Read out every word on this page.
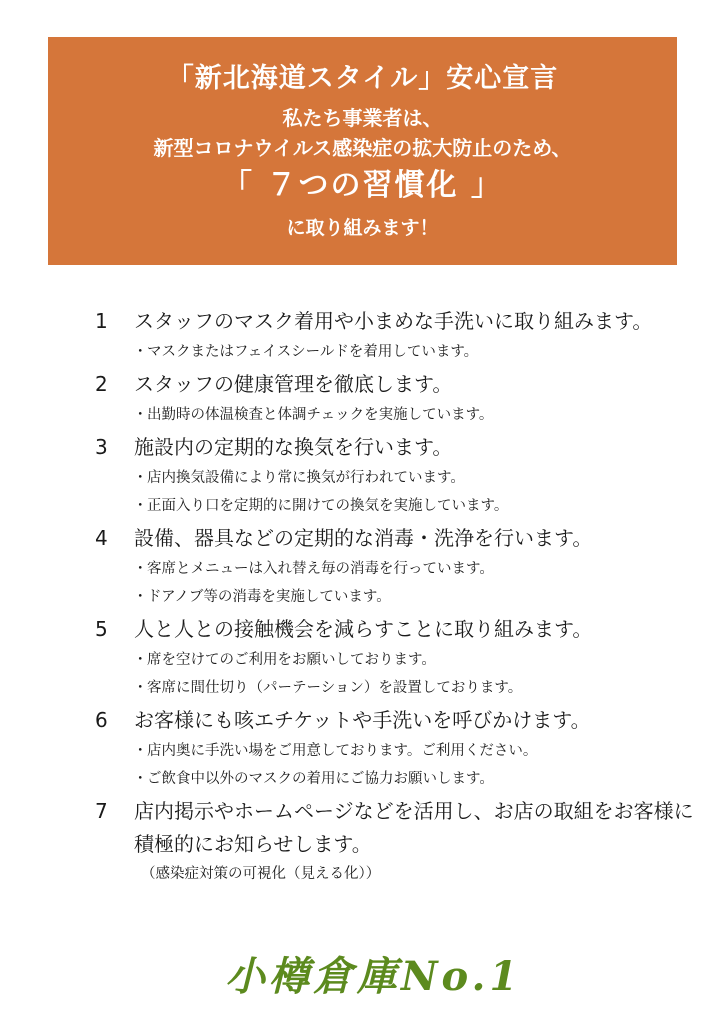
「新北海道スタイル」安心宣言
私たち事業者は、
新型コロナウイルス感染症の拡大防止のため、
「 ７つの習慣化 」
に取り組みます！
1	スタッフのマスク着用や小まめな手洗いに取り組みます。
・ マスクまたはフェイスシールドを着用しています。
2	スタッフの健康管理を徹底します。
・ 出勤時の体温検査と体調チェックを実施しています。
3	施設内の定期的な換気を行います。
・ 店内換気設備により常に換気が行われています。
・ 正面入り口を定期的に開けての換気を実施しています。
4	設備、器具などの定期的な消毒・洗浄を行います。
・ 客席とメニューは入れ替え毎の消毒を行っています。
・ ドアノブ等の消毒を実施しています。
5	人と人との接触機会を減らすことに取り組みます。
・ 席を空けてのご利用をお願いしております。
・ 客席に間仕切り（パーテーション）を設置しております。
6	お客様にも咳エチケットや手洗いを呼びかけます。
・ 店内奥に手洗い場をご用意しております。ご利用ください。
・ ご飲食中以外のマスクの着用にご協力お願いします。
7	店内掲示やホームページなどを活用し、お店の取組をお客様に積極的にお知らせします。
（感染症対策の可視化（見える化））
小樽倉庫No.1
